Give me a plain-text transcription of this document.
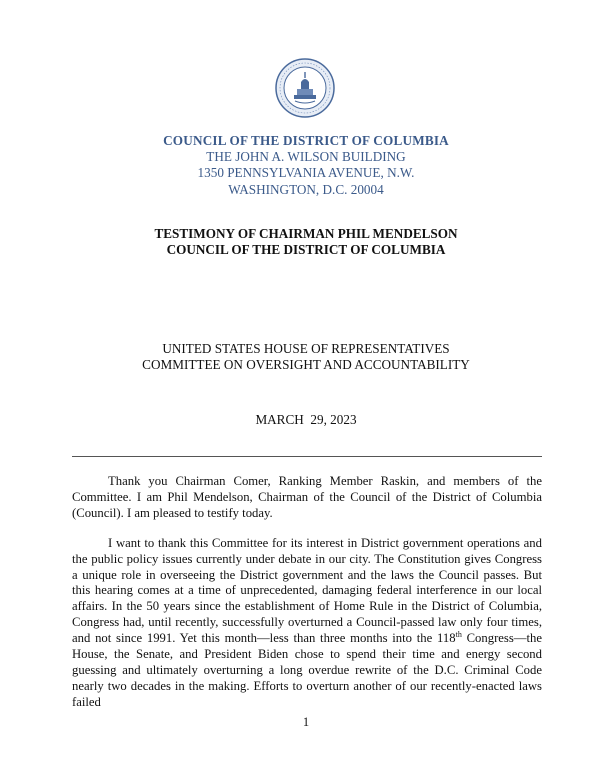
COUNCIL OF THE DISTRICT OF COLUMBIA
THE JOHN A. WILSON BUILDING
1350 PENNSYLVANIA AVENUE, N.W.
WASHINGTON, D.C. 20004
TESTIMONY OF CHAIRMAN PHIL MENDELSON
COUNCIL OF THE DISTRICT OF COLUMBIA
UNITED STATES HOUSE OF REPRESENTATIVES
COMMITTEE ON OVERSIGHT AND ACCOUNTABILITY
MARCH  29, 2023

Thank you Chairman Comer, Ranking Member Raskin, and members of the Committee. I am Phil Mendelson, Chairman of the Council of the District of Columbia (Council). I am pleased to testify today.

I want to thank this Committee for its interest in District government operations and the public policy issues currently under debate in our city. The Constitution gives Congress a unique role in overseeing the District government and the laws the Council passes. But this hearing comes at a time of unprecedented, damaging federal interference in our local affairs. In the 50 years since the establishment of Home Rule in the District of Columbia, Congress had, until recently, successfully overturned a Council-passed law only four times, and not since 1991. Yet this month—less than three months into the 118th Congress—the House, the Senate, and President Biden chose to spend their time and energy second guessing and ultimately overturning a long overdue rewrite of the D.C. Criminal Code nearly two decades in the making. Efforts to overturn another of our recently-enacted laws failed

1
